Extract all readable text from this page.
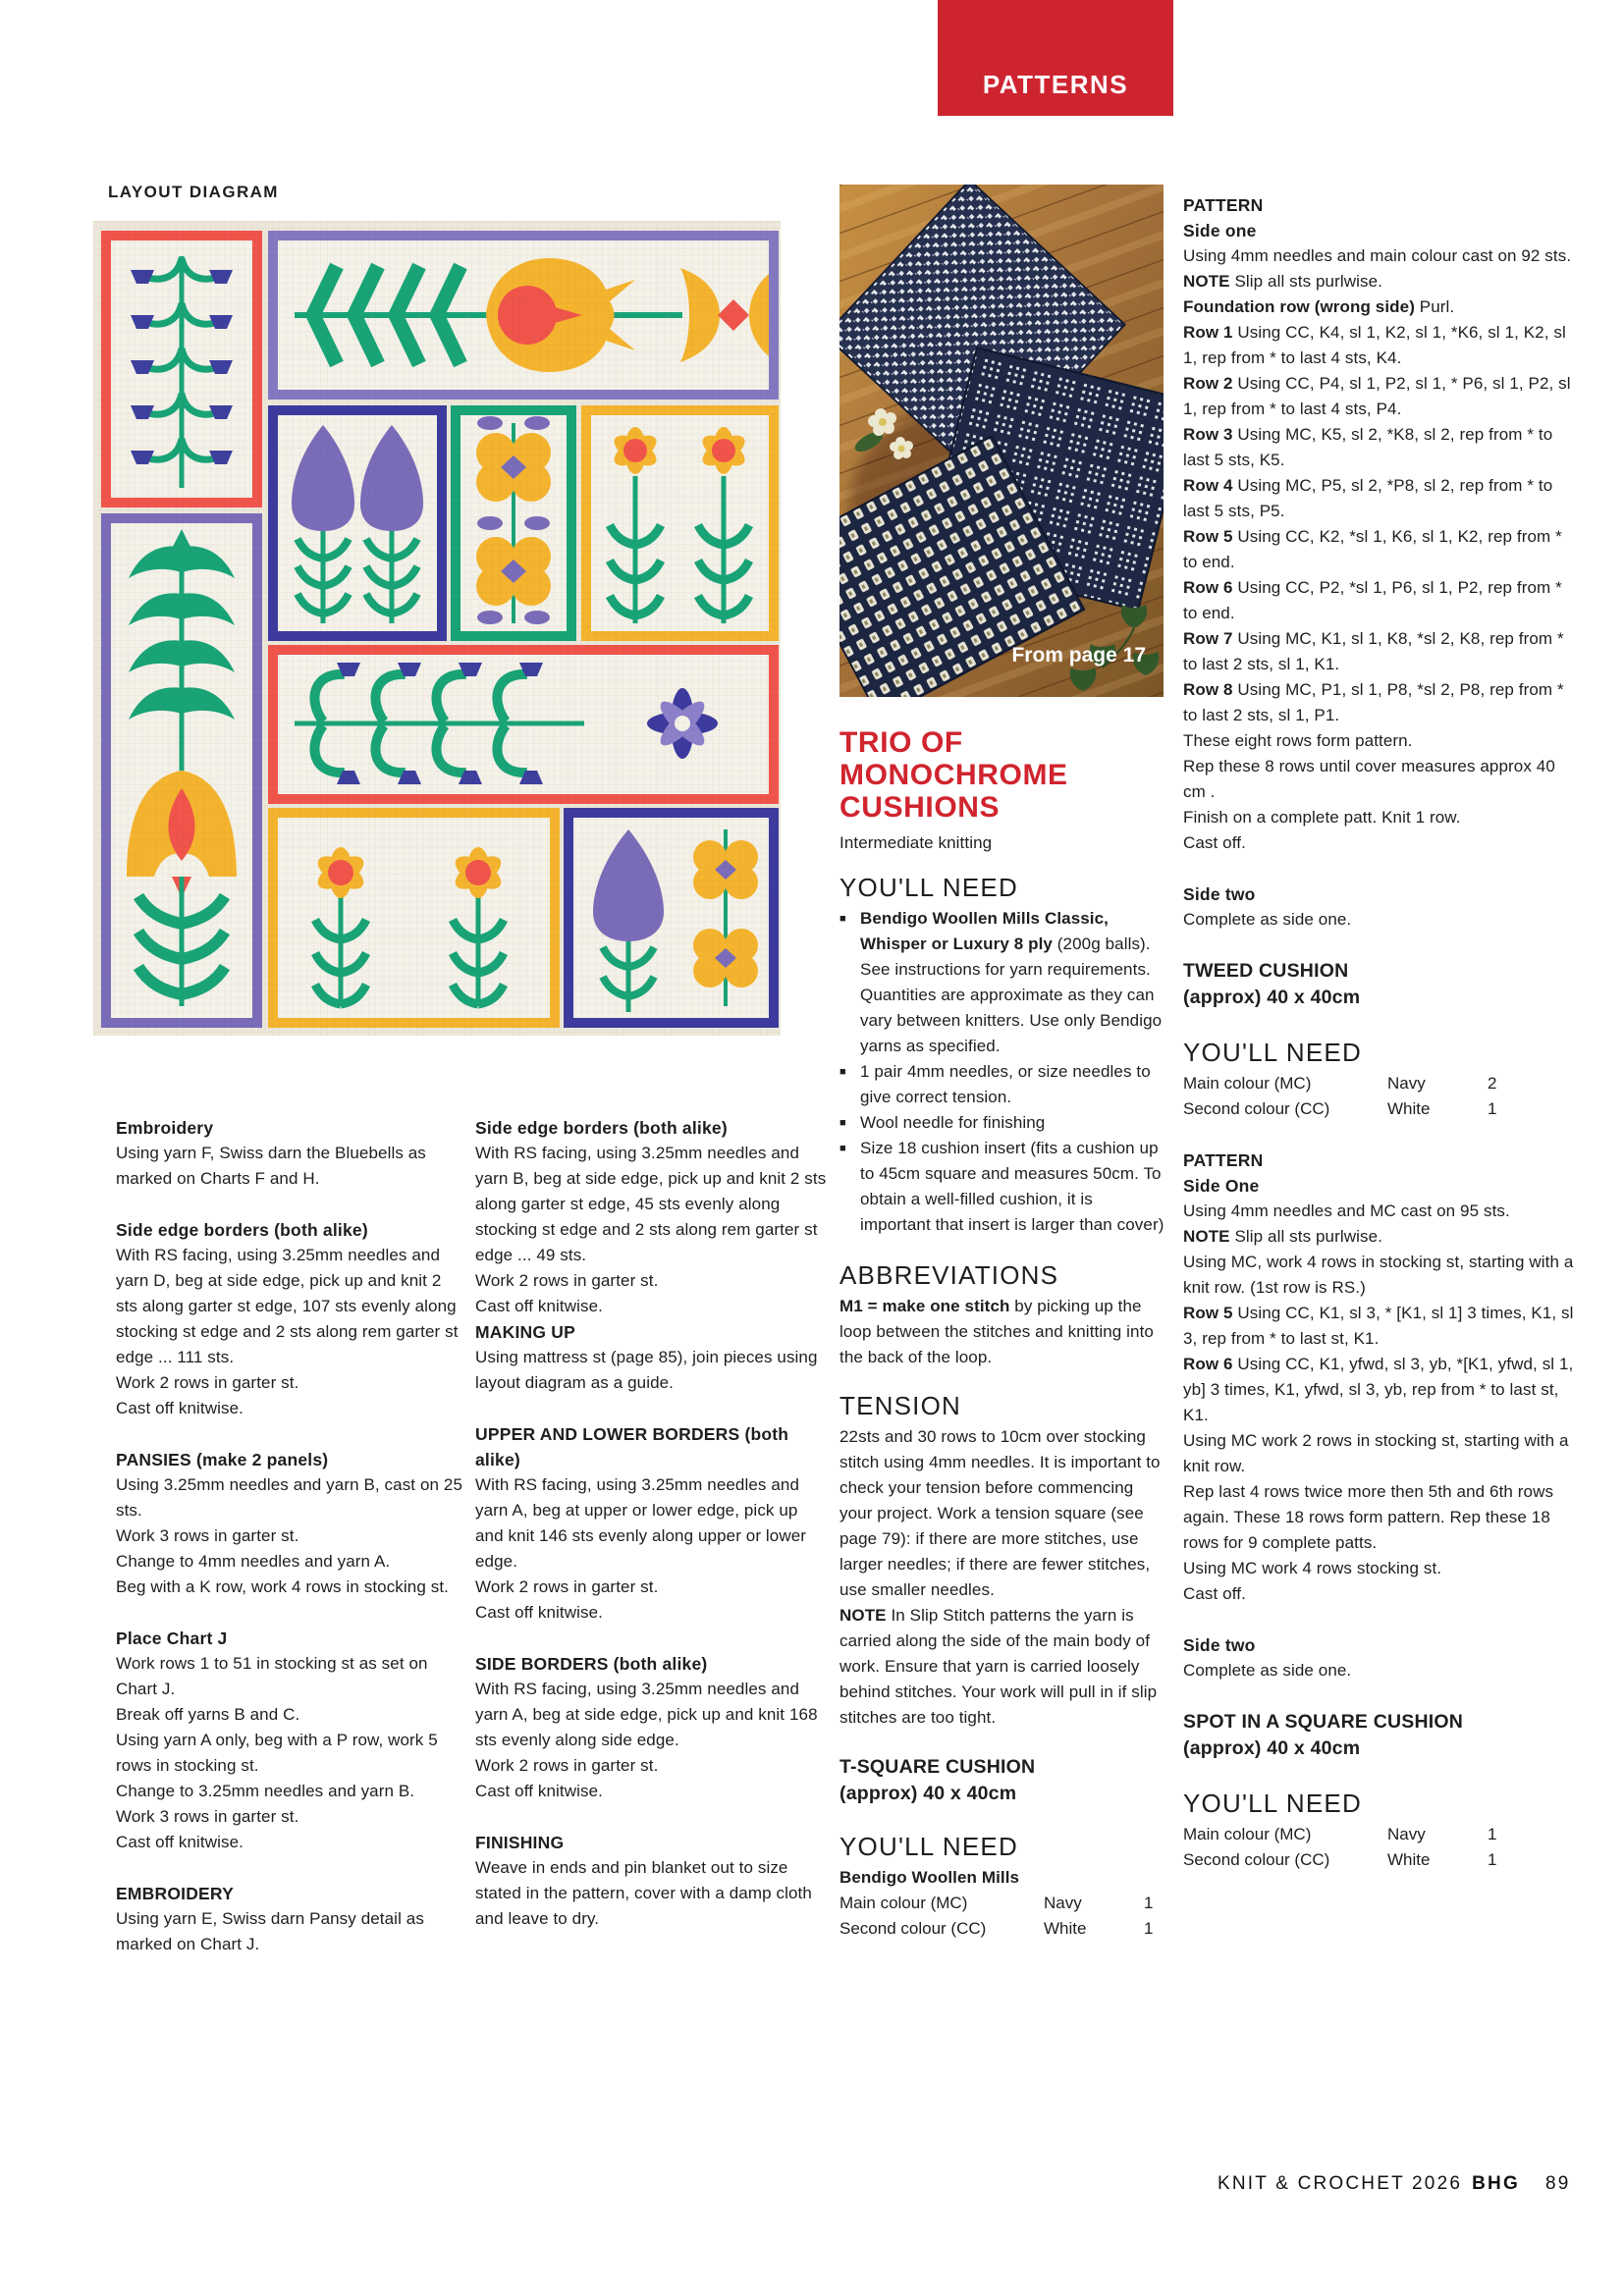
PATTERNS
LAYOUT DIAGRAM
From page 17
Embroidery

Using yarn F, Swiss darn the Bluebells as marked on Charts F and H.

Side edge borders (both alike)

With RS facing, using 3.25mm needles and yarn D, beg at side edge, pick up and knit 2 sts along garter st edge, 107 sts evenly along stocking st edge and 2 sts along rem garter st edge ... 111 sts.

Work 2 rows in garter st.

Cast off knitwise.

PANSIES (make 2 panels)

Using 3.25mm needles and yarn B, cast on 25 sts.

Work 3 rows in garter st.

Change to 4mm needles and yarn A.

Beg with a K row, work 4 rows in stocking st.

Place Chart J

Work rows 1 to 51 in stocking st as set on Chart J.

Break off yarns B and C.

Using yarn A only, beg with a P row, work 5 rows in stocking st.

Change to 3.25mm needles and yarn B.

Work 3 rows in garter st.

Cast off knitwise.

EMBROIDERY

Using yarn E, Swiss darn Pansy detail as marked on Chart J.

Side edge borders (both alike)

With RS facing, using 3.25mm needles and yarn B, beg at side edge, pick up and knit 2 sts along garter st edge, 45 sts evenly along stocking st edge and 2 sts along rem garter st edge ... 49 sts.

Work 2 rows in garter st.

Cast off knitwise.

MAKING UP

Using mattress st (page 85), join pieces using layout diagram as a guide.

UPPER AND LOWER BORDERS (both alike)

With RS facing, using 3.25mm needles and yarn A, beg at upper or lower edge, pick up and knit 146 sts evenly along upper or lower edge.

Work 2 rows in garter st.

Cast off knitwise.

SIDE BORDERS (both alike)

With RS facing, using 3.25mm needles and yarn A, beg at side edge, pick up and knit 168 sts evenly along side edge.

Work 2 rows in garter st.

Cast off knitwise.

FINISHING

Weave in ends and pin blanket out to size stated in the pattern, cover with a damp cloth and leave to dry.

TRIO OF
MONOCHROME
CUSHIONS

Intermediate knitting

YOU'LL NEED
■ Bendigo Woollen Mills Classic, Whisper or Luxury 8 ply (200g balls). See instructions for yarn requirements.

Quantities are approximate as they can vary between knitters. Use only Bendigo yarns as specified.

■ 1 pair 4mm needles, or size needles to give correct tension.

■ Wool needle for finishing

■ Size 18 cushion insert (fits a cushion up to 45cm square and measures 50cm. To obtain a well-filled cushion, it is important that insert is larger than cover)

ABBREVIATIONS

M1 = make one stitch by picking up the loop between the stitches and knitting into the back of the loop.

TENSION

22sts and 30 rows to 10cm over stocking stitch using 4mm needles. It is important to check your tension before commencing your project. Work a tension square (see page 79): if there are more stitches, use larger needles; if there are fewer stitches, use smaller needles.

NOTE In Slip Stitch patterns the yarn is carried along the side of the main body of work. Ensure that yarn is carried loosely behind stitches. Your work will pull in if slip stitches are too tight.

T-SQUARE CUSHION
(approx) 40 x 40cm
YOU'LL NEED

Bendigo Woollen Mills

Main colour (MC)	Navy	1
Second colour (CC)	White	1
PATTERN
Side one

Using 4mm needles and main colour cast on 92 sts.

NOTE Slip all sts purlwise.

Foundation row (wrong side) Purl.

Row 1 Using CC, K4, sl 1, K2, sl 1, *K6, sl 1, K2, sl 1, rep from * to last 4 sts, K4.

Row 2 Using CC, P4, sl 1, P2, sl 1, * P6, sl 1, P2, sl 1, rep from * to last 4 sts, P4.

Row 3 Using MC, K5, sl 2, *K8, sl 2, rep from * to last 5 sts, K5.

Row 4 Using MC, P5, sl 2, *P8, sl 2, rep from * to last 5 sts, P5.

Row 5 Using CC, K2, *sl 1, K6, sl 1, K2, rep from * to end.

Row 6 Using CC, P2, *sl 1, P6, sl 1, P2, rep from * to end.

Row 7 Using MC, K1, sl 1, K8, *sl 2, K8, rep from * to last 2 sts, sl 1, K1.

Row 8 Using MC, P1, sl 1, P8, *sl 2, P8, rep from * to last 2 sts, sl 1, P1.

These eight rows form pattern.

Rep these 8 rows until cover measures approx 40 cm .

Finish on a complete patt. Knit 1 row.

Cast off.

Side two

Complete as side one.

TWEED CUSHION
(approx) 40 x 40cm
YOU'LL NEED
Main colour (MC)	Navy	2
Second colour (CC)	White	1
PATTERN
Side One

Using 4mm needles and MC cast on 95 sts.

NOTE Slip all sts purlwise.

Using MC, work 4 rows in stocking st, starting with a knit row. (1st row is RS.)

Row 5 Using CC, K1, sl 3, * [K1, sl 1] 3 times, K1, sl 3, rep from * to last st, K1.

Row 6 Using CC, K1, yfwd, sl 3, yb, *[K1, yfwd, sl 1, yb] 3 times, K1, yfwd, sl 3, yb, rep from * to last st, K1.

Using MC work 2 rows in stocking st, starting with a knit row.

Rep last 4 rows twice more then 5th and 6th rows again. These 18 rows form pattern. Rep these 18 rows for 9 complete patts.

Using MC work 4 rows stocking st.

Cast off.

Side two

Complete as side one.

SPOT IN A SQUARE CUSHION
(approx) 40 x 40cm
YOU'LL NEED
Main colour (MC)	Navy	1
Second colour (CC)	White	1
KNIT & CROCHET 2026 BHG 89
